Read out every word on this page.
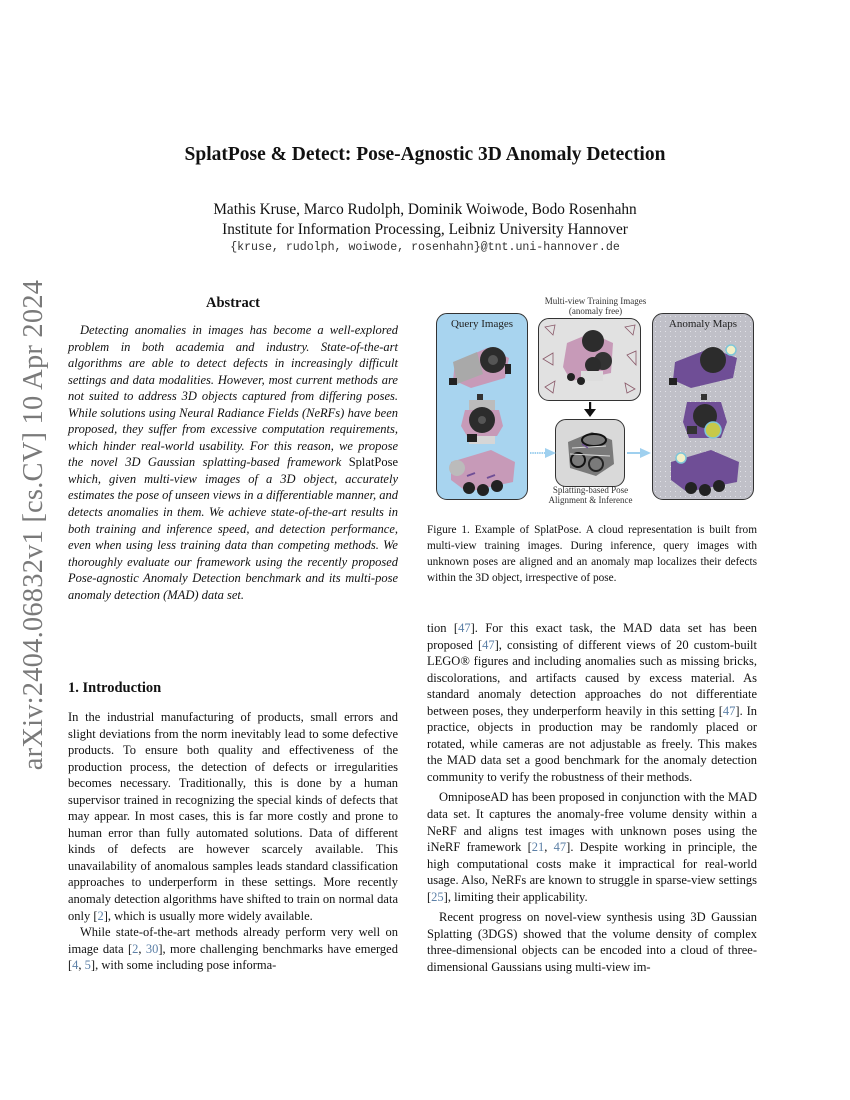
arXiv:2404.06832v1 [cs.CV] 10 Apr 2024
SplatPose & Detect: Pose-Agnostic 3D Anomaly Detection
Mathis Kruse, Marco Rudolph, Dominik Woiwode, Bodo Rosenhahn
Institute for Information Processing, Leibniz University Hannover
{kruse, rudolph, woiwode, rosenhahn}@tnt.uni-hannover.de
Abstract

Detecting anomalies in images has become a well-explored problem in both academia and industry. State-of-the-art algorithms are able to detect defects in increasingly difficult settings and data modalities. However, most current methods are not suited to address 3D objects captured from differing poses. While solutions using Neural Radiance Fields (NeRFs) have been proposed, they suffer from excessive computation requirements, which hinder real-world usability. For this reason, we propose the novel 3D Gaussian splatting-based framework SplatPose which, given multi-view images of a 3D object, accurately estimates the pose of unseen views in a differentiable manner, and detects anomalies in them. We achieve state-of-the-art results in both training and inference speed, and detection performance, even when using less training data than competing methods. We thoroughly evaluate our framework using the recently proposed Pose-agnostic Anomaly Detection benchmark and its multi-pose anomaly detection (MAD) data set.

1. Introduction

In the industrial manufacturing of products, small errors and slight deviations from the norm inevitably lead to some defective products. To ensure both quality and effectiveness of the production process, the detection of defects or irregularities becomes necessary. Traditionally, this is done by a human supervisor trained in recognizing the special kinds of defects that may appear. In most cases, this is far more costly and prone to human error than fully automated solutions. Data of different kinds of defects are however scarcely available. This unavailability of anomalous samples leads standard classification approaches to underperform in these settings. More recently anomaly detection algorithms have shifted to train on normal data only [2], which is usually more widely available.

While state-of-the-art methods already perform very well on image data [2, 30], more challenging benchmarks have emerged [4, 5], with some including pose informa-

Multi-view Training Images
(anomaly free)
Query Images
Splatting-based Pose
Alignment & Inference
Anomaly Maps
Figure 1. Example of SplatPose. A cloud representation is built from multi-view training images. During inference, query images with unknown poses are aligned and an anomaly map localizes their defects within the 3D object, irrespective of pose.

tion [47]. For this exact task, the MAD data set has been proposed [47], consisting of different views of 20 custom-built LEGO® figures and including anomalies such as missing bricks, discolorations, and artifacts caused by excess material. As standard anomaly detection approaches do not differentiate between poses, they underperform heavily in this setting [47]. In practice, objects in production may be randomly placed or rotated, while cameras are not adjustable as freely. This makes the MAD data set a good benchmark for the anomaly detection community to verify the robustness of their methods.

OmniposeAD has been proposed in conjunction with the MAD data set. It captures the anomaly-free volume density within a NeRF and aligns test images with unknown poses using the iNeRF framework [21, 47]. Despite working in principle, the high computational costs make it impractical for real-world usage. Also, NeRFs are known to struggle in sparse-view settings [25], limiting their applicability.

Recent progress on novel-view synthesis using 3D Gaussian Splatting (3DGS) showed that the volume density of complex three-dimensional objects can be encoded into a cloud of three-dimensional Gaussians using multi-view im-
